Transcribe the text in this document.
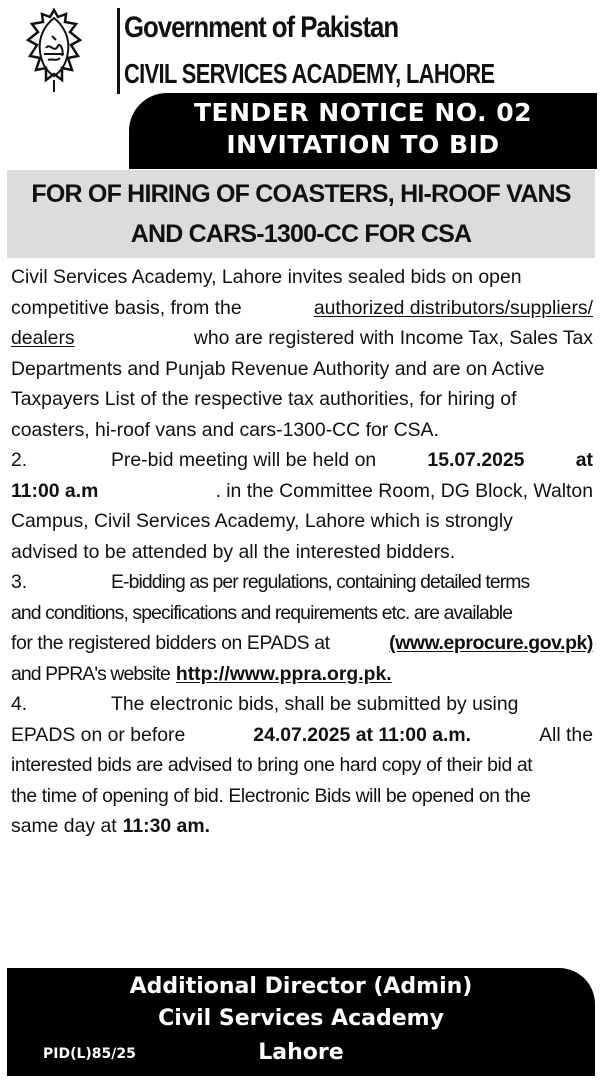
Government of Pakistan
CIVIL SERVICES ACADEMY, LAHORE
TENDER NOTICE NO. 02
INVITATION TO BID
FOR OF HIRING OF COASTERS, HI-ROOF VANS
AND CARS-1300-CC FOR CSA
Civil Services Academy, Lahore invites sealed bids on open
competitive basis, from the	authorized distributors/suppliers/
dealers	who are registered with Income Tax, Sales Tax
Departments and Punjab Revenue Authority and are on Active
Taxpayers List of the respective tax authorities, for hiring of
coasters, hi-roof vans and cars-1300-CC for CSA.
2.	Pre-bid meeting will be held on	15.07.2025	at
11:00 a.m	. in the Committee Room, DG Block, Walton
Campus, Civil Services Academy, Lahore which is strongly
advised to be attended by all the interested bidders.
3.	E-bidding as per regulations, containing detailed terms
and conditions, specifications and requirements etc. are available
for the registered bidders on EPADS at	(www.eprocure.gov.pk)
and PPRA's website http://www.ppra.org.pk.
4.	The electronic bids, shall be submitted by using
EPADS on or before	24.07.2025 at 11:00 a.m.	All the
interested bids are advised to bring one hard copy of their bid at
the time of opening of bid. Electronic Bids will be opened on the
same day at 11:30 am.
Additional Director (Admin)
Civil Services Academy
Lahore
PID(L)85/25
